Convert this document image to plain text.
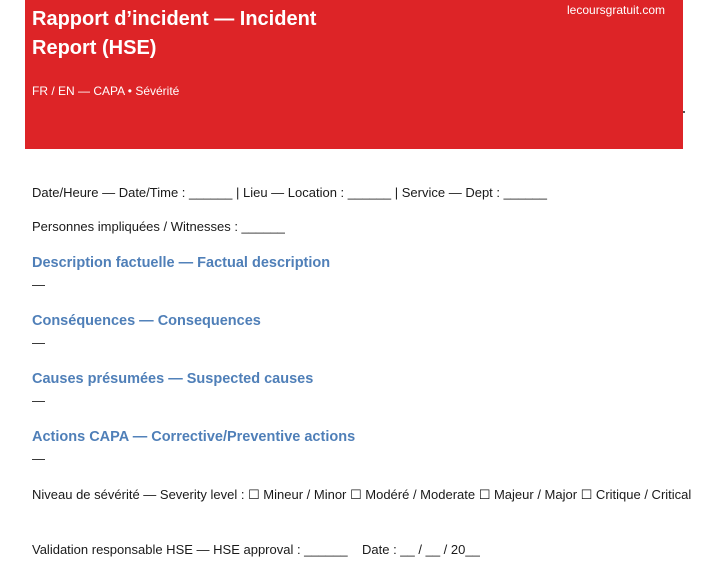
Rapport d’incident — Incident Report (HSE)
FR / EN — CAPA • Sévérité
lecoursgratuit.com
Date/Heure — Date/Time : ______ | Lieu — Location : ______ | Service — Dept : ______
Personnes impliquées / Witnesses : ______
Description factuelle — Factual description
—
Conséquences — Consequences
—
Causes présumées — Suspected causes
—
Actions CAPA — Corrective/Preventive actions
—
Niveau de sévérité — Severity level : ☐ Mineur / Minor ☐ Modéré / Moderate ☐ Majeur / Major ☐ Critique / Critical
Validation responsable HSE — HSE approval : ______    Date : __ / __ / 20__
